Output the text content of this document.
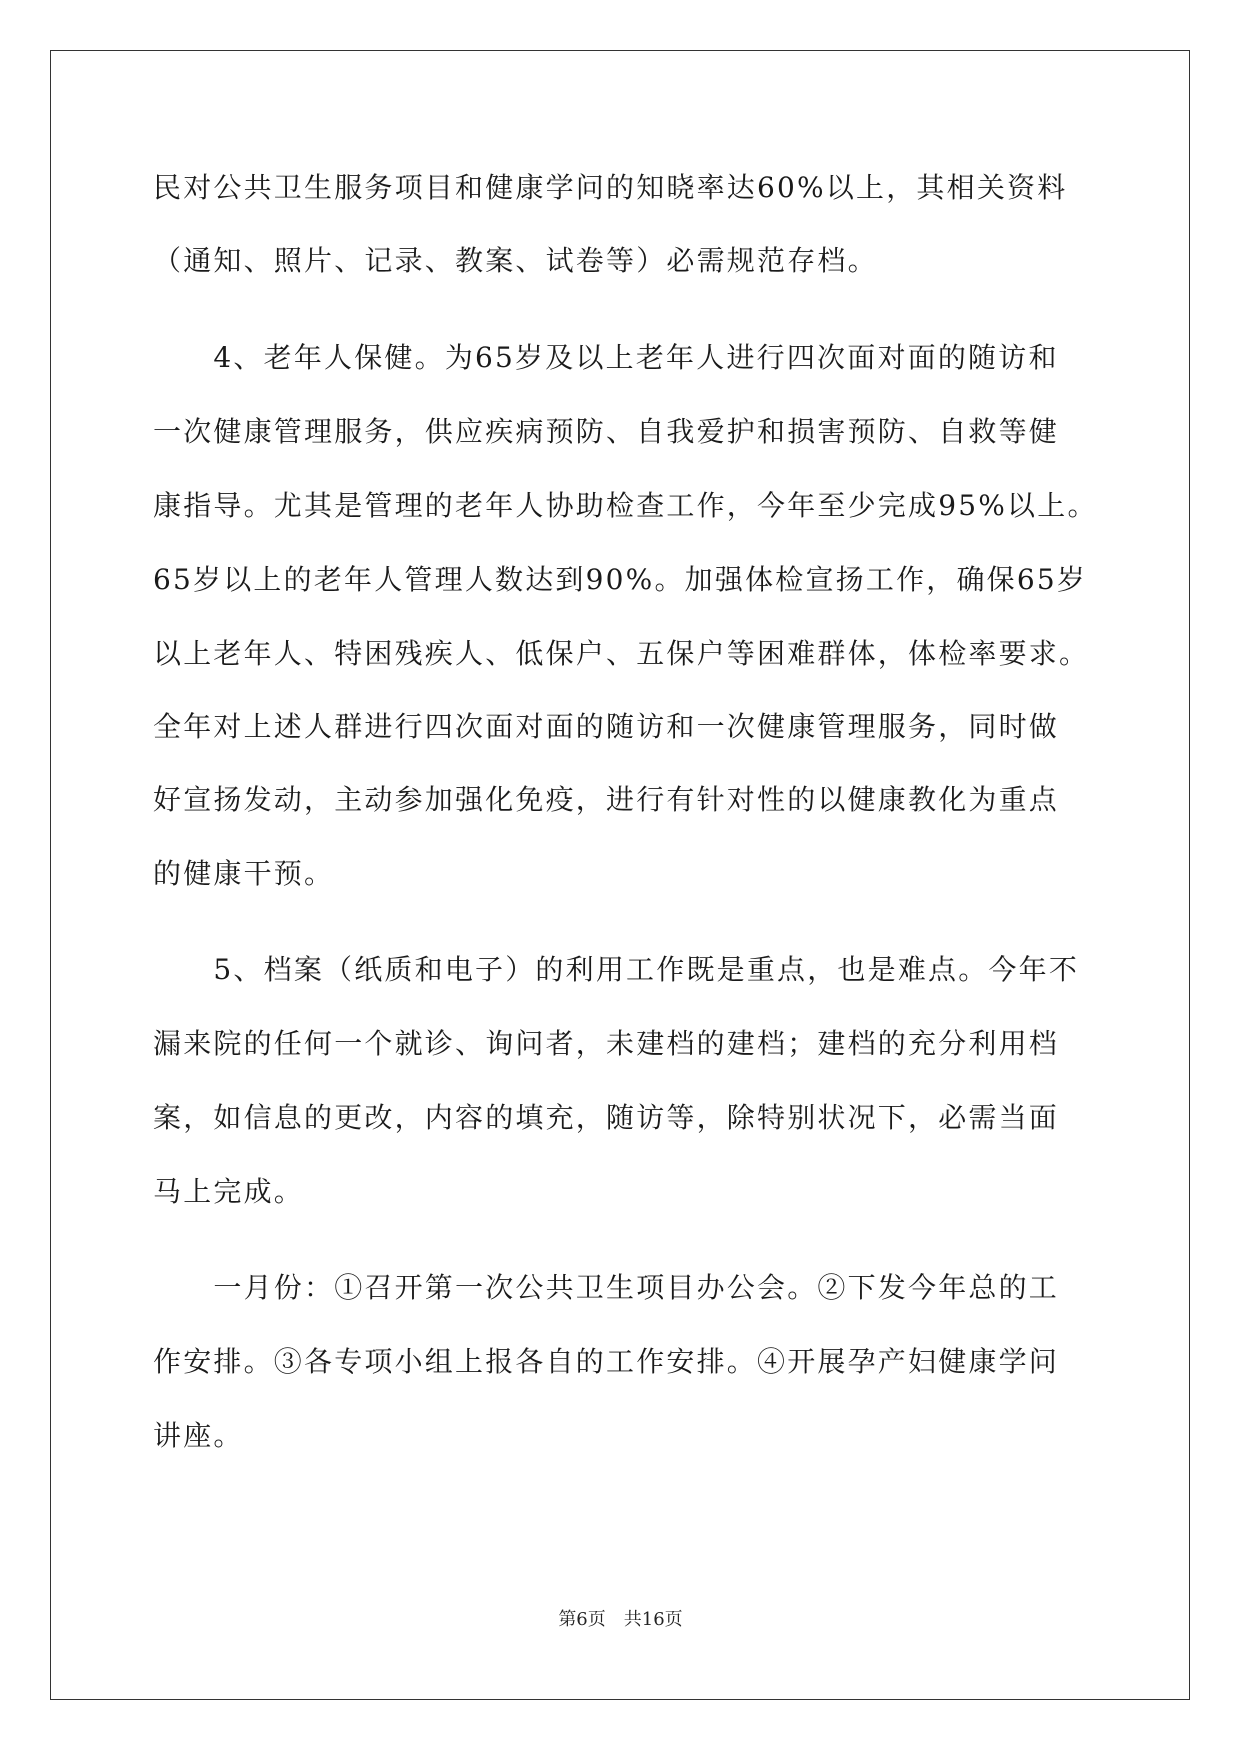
民对公共卫生服务项目和健康学问的知晓率达60%以上，其相关资料
（通知、照片、记录、教案、试卷等）必需规范存档。
　　4、老年人保健。为65岁及以上老年人进行四次面对面的随访和
一次健康管理服务，供应疾病预防、自我爱护和损害预防、自救等健
康指导。尤其是管理的老年人协助检查工作，今年至少完成95%以上。
65岁以上的老年人管理人数达到90%。加强体检宣扬工作，确保65岁
以上老年人、特困残疾人、低保户、五保户等困难群体，体检率要求。
全年对上述人群进行四次面对面的随访和一次健康管理服务，同时做
好宣扬发动，主动参加强化免疫，进行有针对性的以健康教化为重点
的健康干预。
　　5、档案（纸质和电子）的利用工作既是重点，也是难点。今年不
漏来院的任何一个就诊、询问者，未建档的建档；建档的充分利用档
案，如信息的更改，内容的填充，随访等，除特别状况下，必需当面
马上完成。
　　一月份：①召开第一次公共卫生项目办公会。②下发今年总的工
作安排。③各专项小组上报各自的工作安排。④开展孕产妇健康学问
讲座。
第6页　共16页
